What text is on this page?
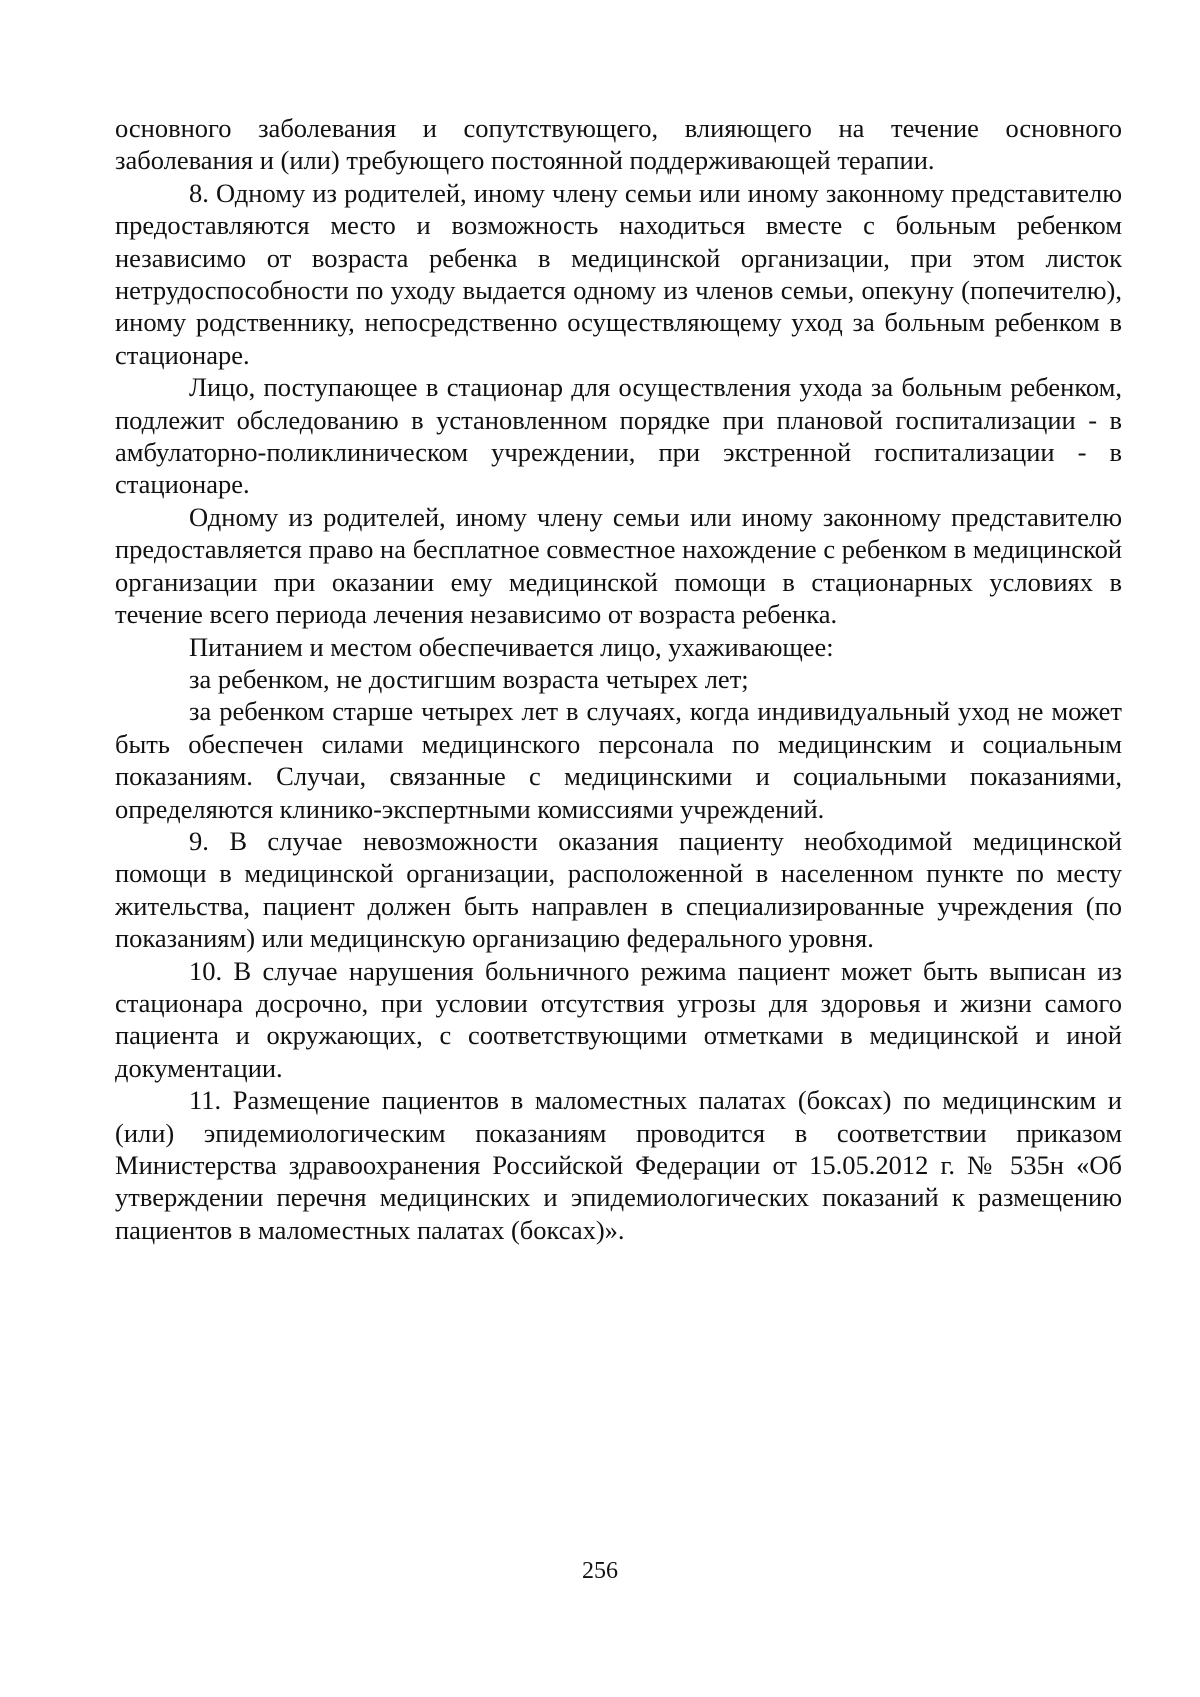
основного заболевания и сопутствующего, влияющего на течение основного заболевания и (или) требующего постоянной поддерживающей терапии.

8. Одному из родителей, иному члену семьи или иному законному представителю предоставляются место и возможность находиться вместе с больным ребенком независимо от возраста ребенка в медицинской организации, при этом листок нетрудоспособности по уходу выдается одному из членов семьи, опекуну (попечителю), иному родственнику, непосредственно осуществляющему уход за больным ребенком в стационаре.

Лицо, поступающее в стационар для осуществления ухода за больным ребенком, подлежит обследованию в установленном порядке при плановой госпитализации - в амбулаторно-поликлиническом учреждении, при экстренной госпитализации - в стационаре.

Одному из родителей, иному члену семьи или иному законному представителю предоставляется право на бесплатное совместное нахождение с ребенком в медицинской организации при оказании ему медицинской помощи в стационарных условиях в течение всего периода лечения независимо от возраста ребенка.

Питанием и местом обеспечивается лицо, ухаживающее:

за ребенком, не достигшим возраста четырех лет;

за ребенком старше четырех лет в случаях, когда индивидуальный уход не может быть обеспечен силами медицинского персонала по медицинским и социальным показаниям. Случаи, связанные с медицинскими и социальными показаниями, определяются клинико-экспертными комиссиями учреждений.

9. В случае невозможности оказания пациенту необходимой медицинской помощи в медицинской организации, расположенной в населенном пункте по месту жительства, пациент должен быть направлен в специализированные учреждения (по показаниям) или медицинскую организацию федерального уровня.

10. В случае нарушения больничного режима пациент может быть выписан из стационара досрочно, при условии отсутствия угрозы для здоровья и жизни самого пациента и окружающих, с соответствующими отметками в медицинской и иной документации.

11. Размещение пациентов в маломестных палатах (боксах) по медицинским и (или) эпидемиологическим показаниям проводится в соответствии приказом Министерства здравоохранения Российской Федерации от 15.05.2012 г. № 535н «Об утверждении перечня медицинских и эпидемиологических показаний к размещению пациентов в маломестных палатах (боксах)».

256
